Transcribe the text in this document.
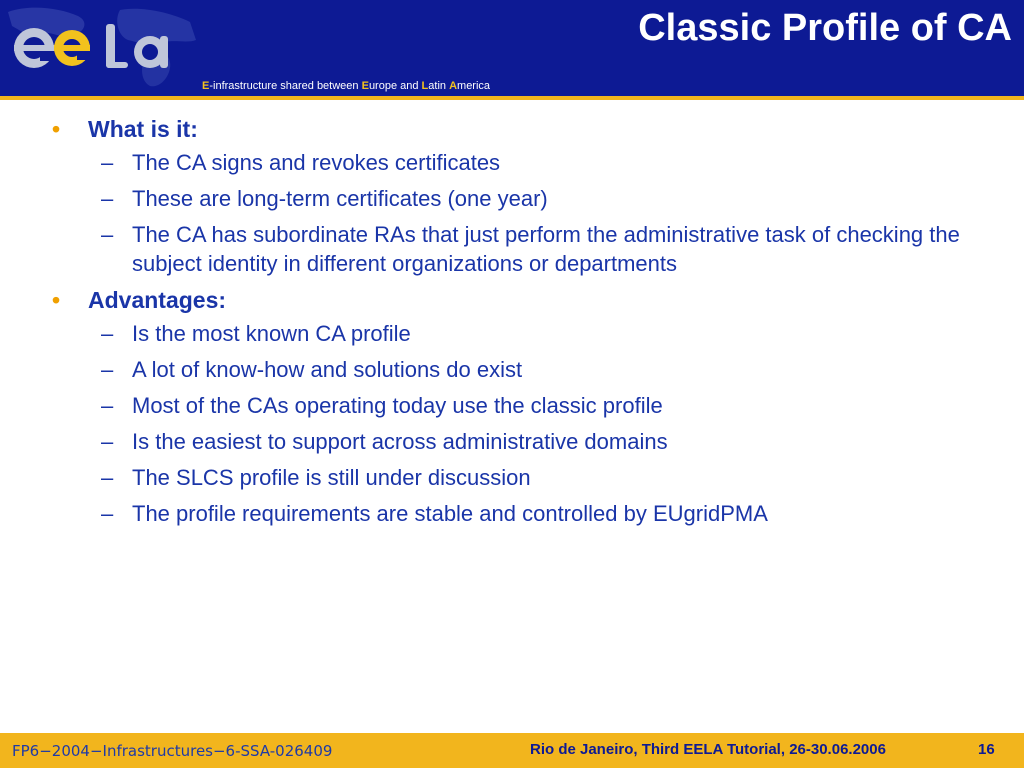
Classic Profile of CA
E-infrastructure shared between Europe and Latin America
• What is it:
– The CA signs and revokes certificates
– These are long-term certificates (one year)
– The CA has subordinate RAs that just perform the administrative task of checking the subject identity in different organizations or departments
• Advantages:
– Is the most known CA profile
– A lot of know-how and solutions do exist
– Most of the CAs operating today use the classic profile
– Is the easiest to support across administrative domains
– The SLCS profile is still under discussion
– The profile requirements are stable and controlled by EUgridPMA
FP6−2004−Infrastructures−6-SSA-026409	Rio de Janeiro, Third EELA Tutorial, 26-30.06.2006	16
